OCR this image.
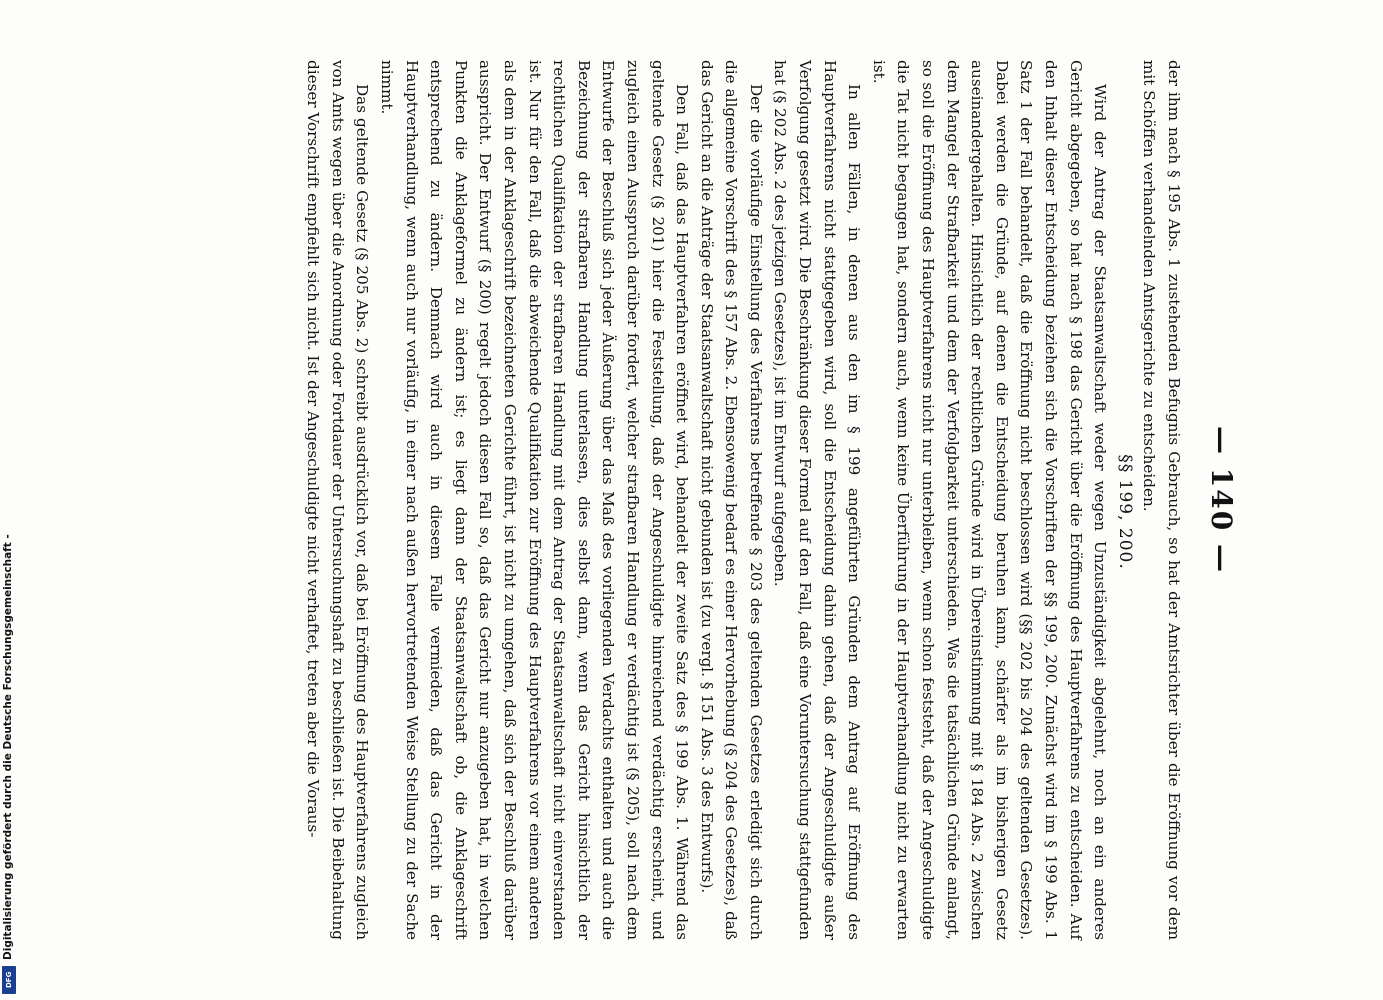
Digitalisierung gefördert durch die Deutsche Forschungsgemeinschaft -
DFG
— 140 —

der ihm nach § 195 Abs. 1 zustehenden Befugnis Gebrauch, so hat der Amtsrichter über die Eröffnung vor dem mit Schöffen verhandelnden Amtsgerichte zu entscheiden.

§§ 199, 200.

Wird der Antrag der Staatsanwaltschaft weder wegen Unzuständigkeit abgelehnt, noch an ein anderes Gericht abgegeben, so hat nach § 198 das Gericht über die Eröffnung des Hauptverfahrens zu entscheiden. Auf den Inhalt dieser Entscheidung beziehen sich die Vorschriften der §§ 199, 200. Zunächst wird im § 199 Abs. 1 Satz 1 der Fall behandelt, daß die Eröffnung nicht beschlossen wird (§§ 202 bis 204 des geltenden Gesetzes). Dabei werden die Gründe, auf denen die Entscheidung beruhen kann, schärfer als im bisherigen Gesetz auseinandergehalten. Hinsichtlich der rechtlichen Gründe wird in Übereinstimmung mit § 184 Abs. 2 zwischen dem Mangel der Strafbarkeit und dem der Verfolgbarkeit unterschieden. Was die tatsächlichen Gründe anlangt, so soll die Eröffnung des Hauptverfahrens nicht nur unterbleiben, wenn schon feststeht, daß der Angeschuldigte die Tat nicht begangen hat, sondern auch, wenn keine Überführung in der Hauptverhandlung nicht zu erwarten ist.

In allen Fällen, in denen aus den im § 199 angeführten Gründen dem Antrag auf Eröffnung des Hauptverfahrens nicht stattgegeben wird, soll die Entscheidung dahin gehen, daß der Angeschuldigte außer Verfolgung gesetzt wird. Die Beschränkung dieser Formel auf den Fall, daß eine Voruntersuchung stattgefunden hat (§ 202 Abs. 2 des jetzigen Gesetzes), ist im Entwurf aufgegeben.

Der die vorläufige Einstellung des Verfahrens betreffende § 203 des geltenden Gesetzes erledigt sich durch die allgemeine Vorschrift des § 157 Abs. 2. Ebensowenig bedarf es einer Hervorhebung (§ 204 des Gesetzes), daß das Gericht an die Anträge der Staatsanwaltschaft nicht gebunden ist (zu vergl. § 151 Abs. 3 des Entwurfs).

Den Fall, daß das Hauptverfahren eröffnet wird, behandelt der zweite Satz des § 199 Abs. 1. Während das geltende Gesetz (§ 201) hier die Feststellung, daß der Angeschuldigte hinreichend verdächtig erscheint, und zugleich einen Ausspruch darüber fordert, welcher strafbaren Handlung er verdächtig ist (§ 205), soll nach dem Entwurfe der Beschluß sich jeder Äußerung über das Maß des vorliegenden Verdachts enthalten und auch die Bezeichnung der strafbaren Handlung unterlassen, dies selbst dann, wenn das Gericht hinsichtlich der rechtlichen Qualifikation der strafbaren Handlung mit dem Antrag der Staatsanwaltschaft nicht einverstanden ist. Nur für den Fall, daß die abweichende Qualifikation zur Eröffnung des Hauptverfahrens vor einem anderen als dem in der Anklageschrift bezeichneten Gerichte führt, ist nicht zu umgehen, daß sich der Beschluß darüber ausspricht. Der Entwurf (§ 200) regelt jedoch diesen Fall so, daß das Gericht nur anzugeben hat, in welchen Punkten die Anklageformel zu ändern ist; es liegt dann der Staatsanwaltschaft ob, die Anklageschrift entsprechend zu ändern. Demnach wird auch in diesem Falle vermieden, daß das Gericht in der Hauptverhandlung, wenn auch nur vorläufig, in einer nach außen hervortretenden Weise Stellung zu der Sache nimmt.

Das geltende Gesetz (§ 205 Abs. 2) schreibt ausdrücklich vor, daß bei Eröffnung des Hauptverfahrens zugleich von Amts wegen über die Anordnung oder Fortdauer der Untersuchungshaft zu beschließen ist. Die Beibehaltung dieser Vorschrift empfiehlt sich nicht. Ist der Angeschuldigte nicht verhaftet, treten aber die Voraus-
